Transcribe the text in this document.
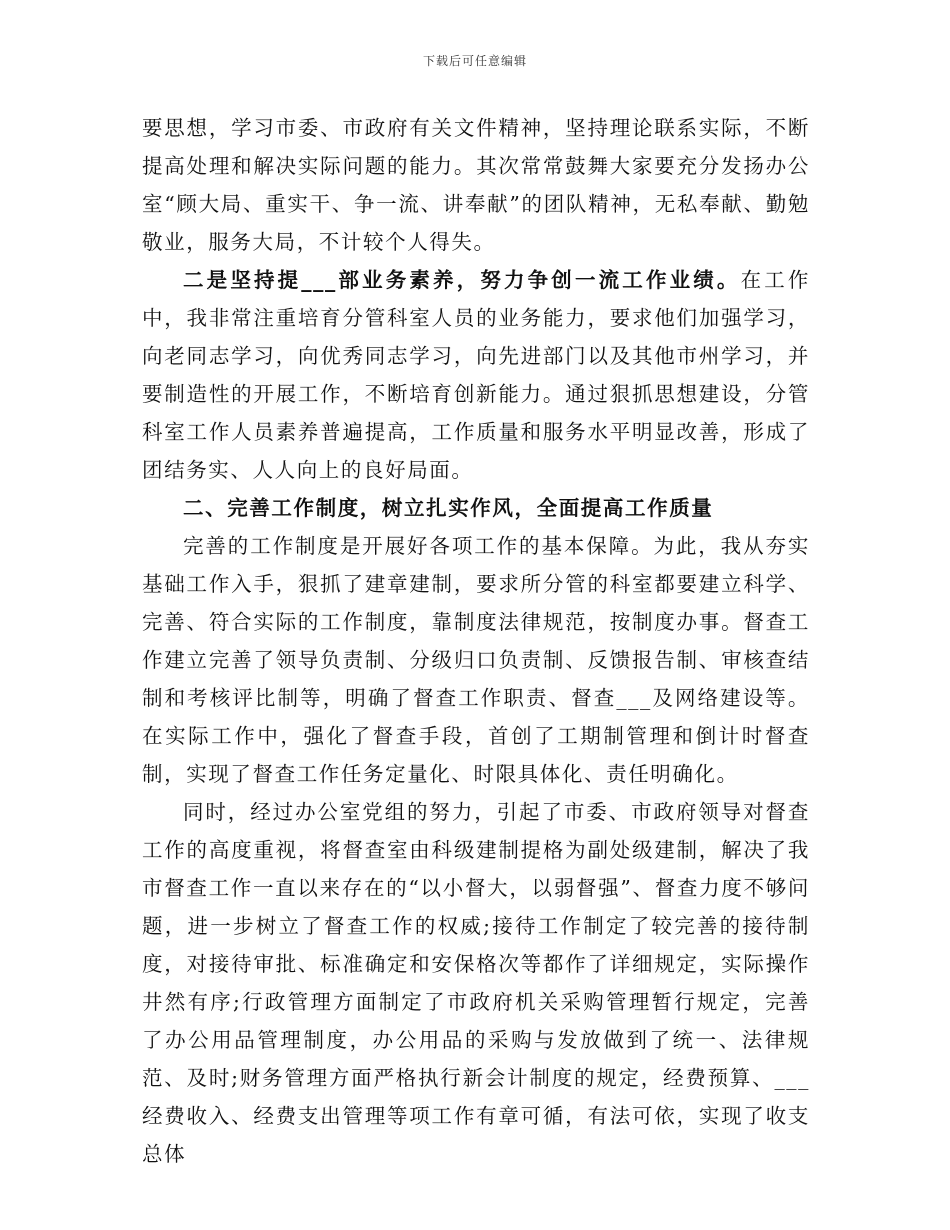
下载后可任意编辑

要思想，学习市委、市政府有关文件精神，坚持理论联系实际，不断提高处理和解决实际问题的能力。其次常常鼓舞大家要充分发扬办公室“顾大局、重实干、争一流、讲奉献”的团队精神，无私奉献、勤勉敬业，服务大局，不计较个人得失。

二是坚持提___部业务素养，努力争创一流工作业绩。在工作中，我非常注重培育分管科室人员的业务能力，要求他们加强学习，向老同志学习，向优秀同志学习，向先进部门以及其他市州学习，并要制造性的开展工作，不断培育创新能力。通过狠抓思想建设，分管科室工作人员素养普遍提高，工作质量和服务水平明显改善，形成了团结务实、人人向上的良好局面。

二、完善工作制度，树立扎实作风，全面提高工作质量

完善的工作制度是开展好各项工作的基本保障。为此，我从夯实基础工作入手，狠抓了建章建制，要求所分管的科室都要建立科学、完善、符合实际的工作制度，靠制度法律规范，按制度办事。督查工作建立完善了领导负责制、分级归口负责制、反馈报告制、审核查结制和考核评比制等，明确了督查工作职责、督查___及网络建设等。在实际工作中，强化了督查手段，首创了工期制管理和倒计时督查制，实现了督查工作任务定量化、时限具体化、责任明确化。

同时，经过办公室党组的努力，引起了市委、市政府领导对督查工作的高度重视，将督查室由科级建制提格为副处级建制，解决了我市督查工作一直以来存在的“以小督大，以弱督强”、督查力度不够问题，进一步树立了督查工作的权威;接待工作制定了较完善的接待制度，对接待审批、标准确定和安保格次等都作了详细规定，实际操作井然有序;行政管理方面制定了市政府机关采购管理暂行规定，完善了办公用品管理制度，办公用品的采购与发放做到了统一、法律规范、及时;财务管理方面严格执行新会计制度的规定，经费预算、___经费收入、经费支出管理等项工作有章可循，有法可依，实现了收支总体
